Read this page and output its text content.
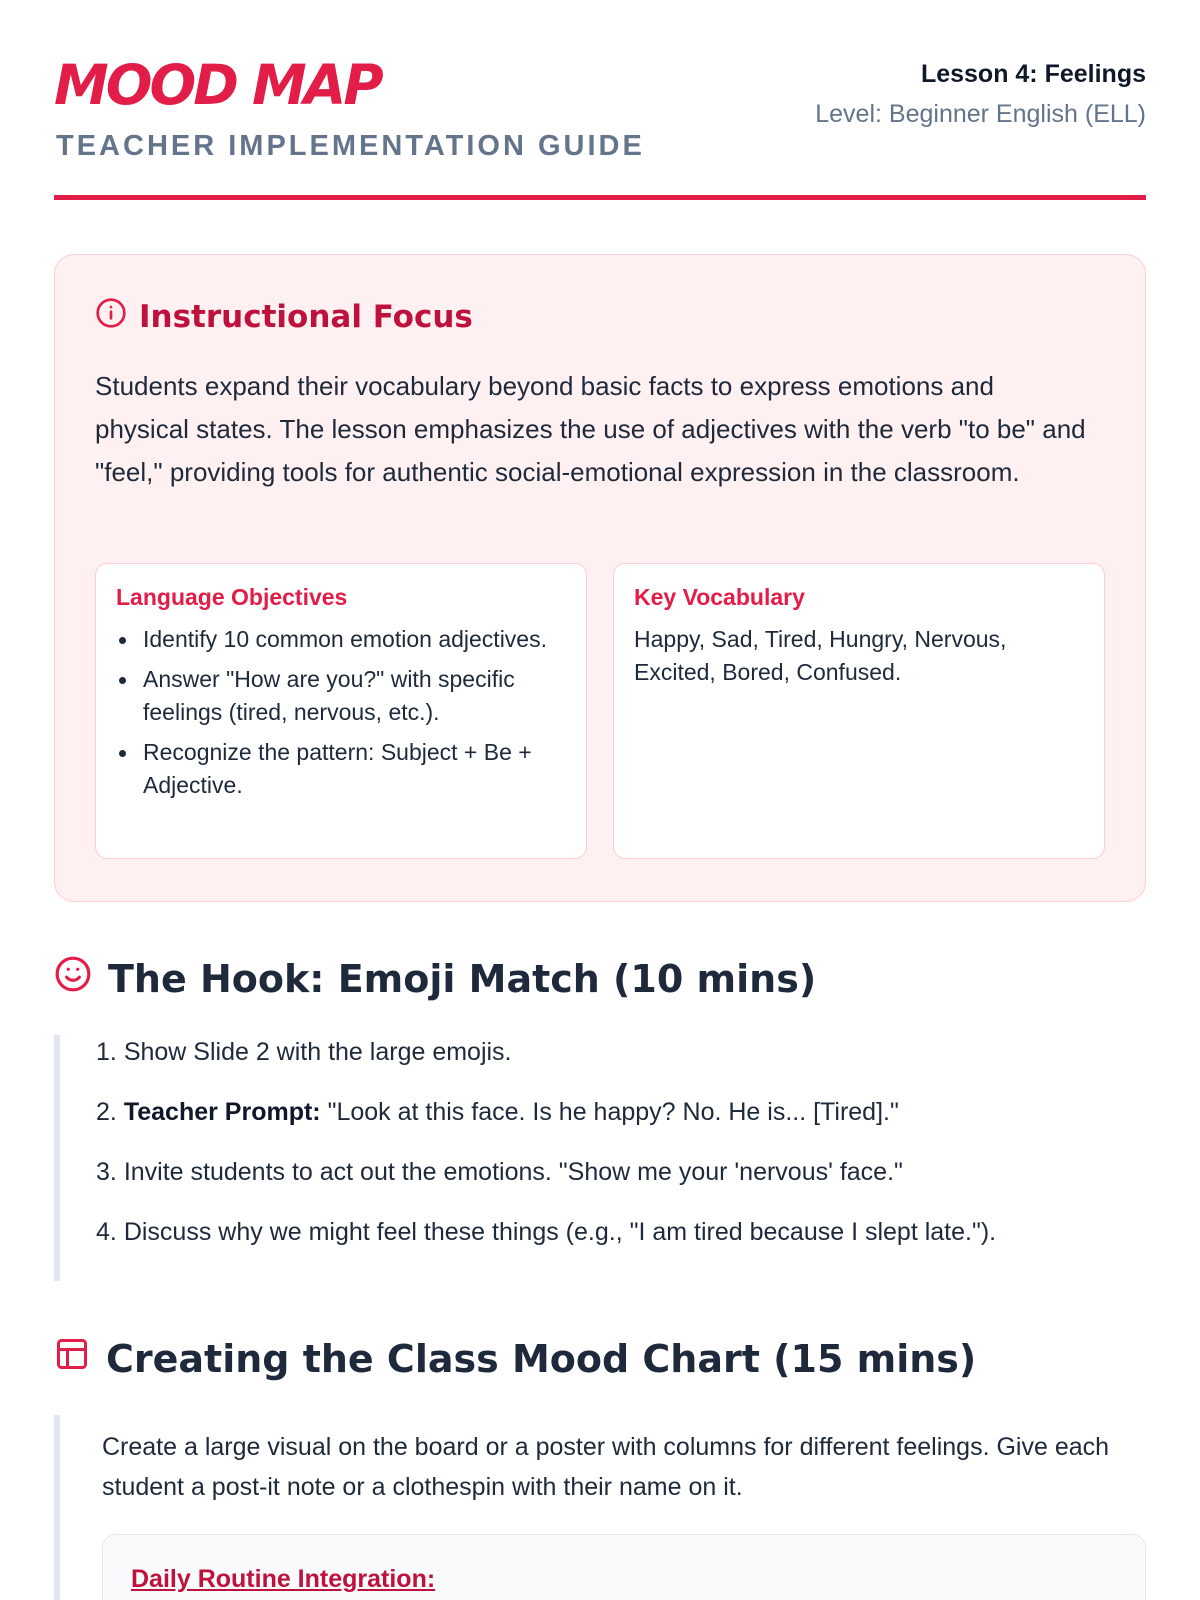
MOOD MAP
TEACHER IMPLEMENTATION GUIDE
Lesson 4: Feelings
Level: Beginner English (ELL)
Instructional Focus
Students expand their vocabulary beyond basic facts to express emotions and physical states. The lesson emphasizes the use of adjectives with the verb "to be" and "feel," providing tools for authentic social-emotional expression in the classroom.
Language Objectives
Identify 10 common emotion adjectives.
Answer "How are you?" with specific feelings (tired, nervous, etc.).
Recognize the pattern: Subject + Be + Adjective.
Key Vocabulary
Happy, Sad, Tired, Hungry, Nervous, Excited, Bored, Confused.
The Hook: Emoji Match (10 mins)
1. Show Slide 2 with the large emojis.
2. Teacher Prompt: "Look at this face. Is he happy? No. He is... [Tired]."
3. Invite students to act out the emotions. "Show me your 'nervous' face."
4. Discuss why we might feel these things (e.g., "I am tired because I slept late.").
Creating the Class Mood Chart (15 mins)
Create a large visual on the board or a poster with columns for different feelings. Give each student a post-it note or a clothespin with their name on it.
Daily Routine Integration:
